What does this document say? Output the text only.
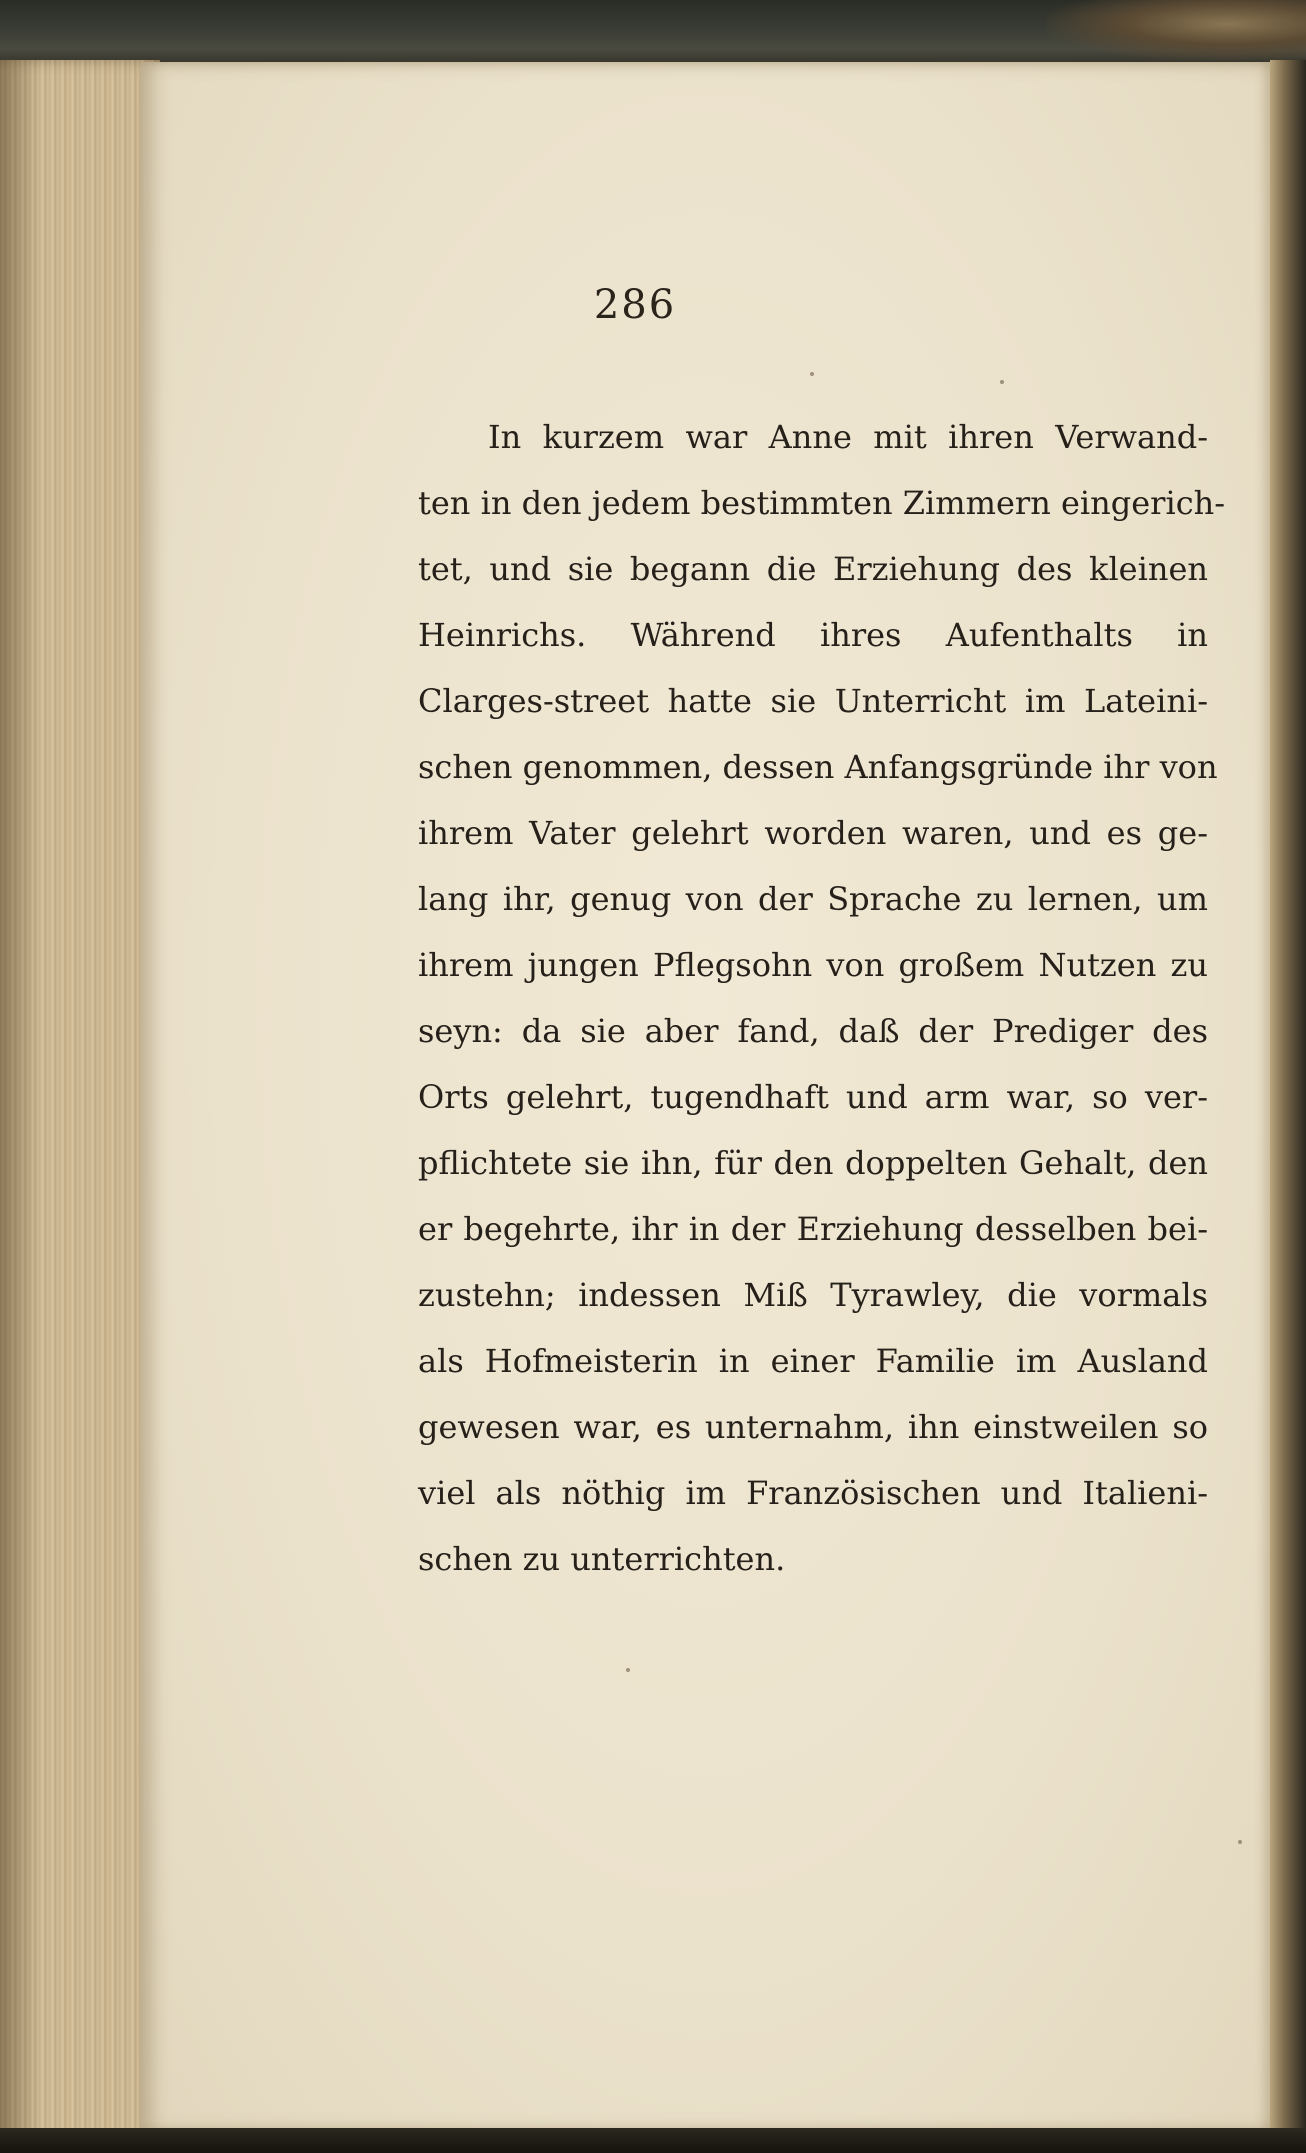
286
In kurzem war Anne mit ihren Verwand-
ten in den jedem bestimmten Zimmern eingerich-
tet, und sie begann die Erziehung des kleinen
Heinrichs. Während ihres Aufenthalts in
Clarges-street hatte sie Unterricht im Lateini-
schen genommen, dessen Anfangsgründe ihr von
ihrem Vater gelehrt worden waren, und es ge-
lang ihr, genug von der Sprache zu lernen, um
ihrem jungen Pflegsohn von großem Nutzen zu
seyn: da sie aber fand, daß der Prediger des
Orts gelehrt, tugendhaft und arm war, so ver-
pflichtete sie ihn, für den doppelten Gehalt, den
er begehrte, ihr in der Erziehung desselben bei-
zustehn; indessen Miß Tyrawley, die vormals
als Hofmeisterin in einer Familie im Ausland
gewesen war, es unternahm, ihn einstweilen so
viel als nöthig im Französischen und Italieni-
schen zu unterrichten.
